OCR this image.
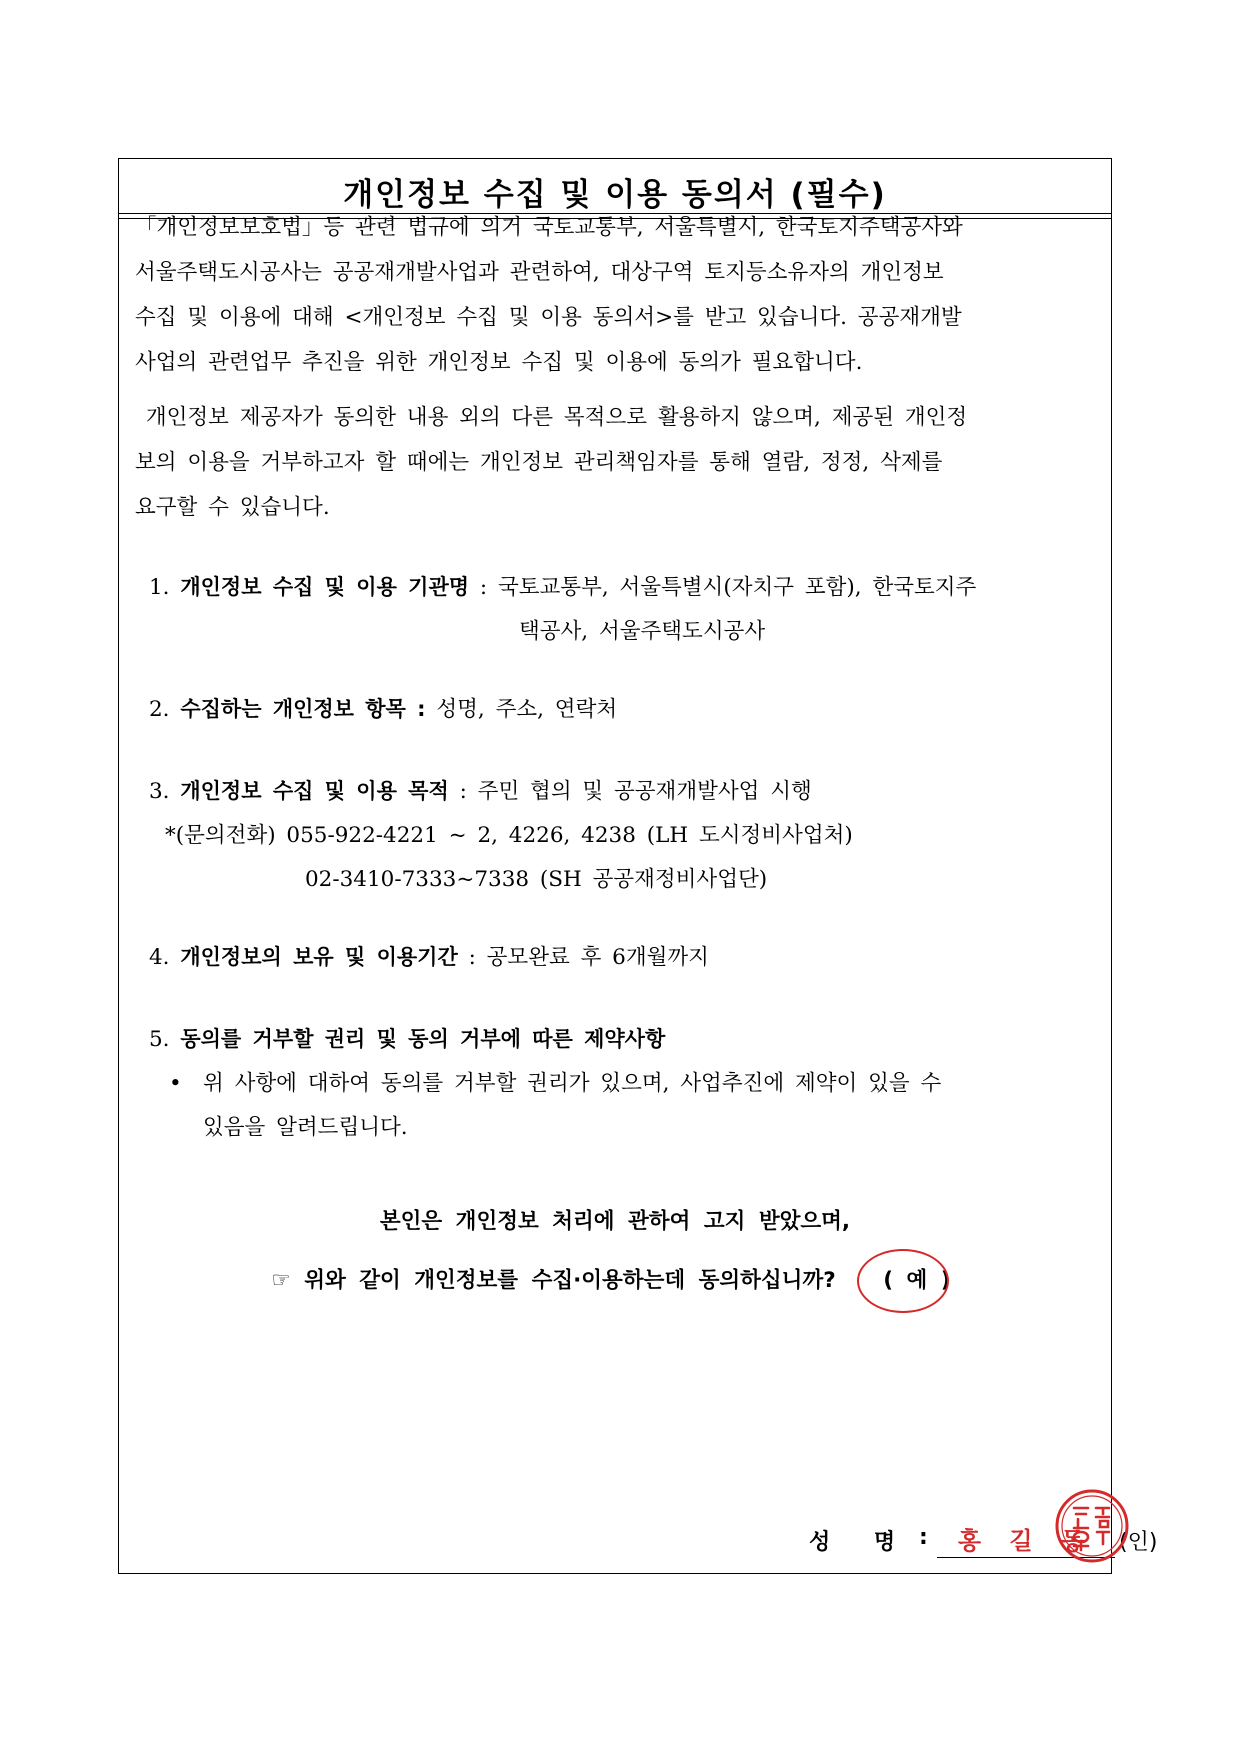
개인정보 수집 및 이용 동의서 (필수)
「개인정보보호법」등 관련 법규에 의거 국토교통부, 서울특별시, 한국토지주택공사와
서울주택도시공사는 공공재개발사업과 관련하여, 대상구역 토지등소유자의 개인정보
수집 및 이용에 대해 <개인정보 수집 및 이용 동의서>를 받고 있습니다. 공공재개발
사업의 관련업무 추진을 위한 개인정보 수집 및 이용에 동의가 필요합니다.
개인정보 제공자가 동의한 내용 외의 다른 목적으로 활용하지 않으며, 제공된 개인정
보의 이용을 거부하고자 할 때에는 개인정보 관리책임자를 통해 열람, 정정, 삭제를
요구할 수 있습니다.
1. 개인정보 수집 및 이용 기관명 : 국토교통부, 서울특별시(자치구 포함), 한국토지주
택공사, 서울주택도시공사
2. 수집하는 개인정보 항목 : 성명, 주소, 연락처
3. 개인정보 수집 및 이용 목적 : 주민 협의 및 공공재개발사업 시행
*(문의전화) 055-922-4221 ~ 2, 4226, 4238 (LH 도시정비사업처)
02-3410-7333~7338 (SH 공공재정비사업단)
4. 개인정보의 보유 및 이용기간 : 공모완료 후 6개월까지
5. 동의를 거부할 권리 및 동의 거부에 따른 제약사항
• 위 사항에 대하여 동의를 거부할 권리가 있으며, 사업추진에 제약이 있을 수
있음을 알려드립니다.
본인은 개인정보 처리에 관하여 고지 받았으며,
☞ 위와 같이 개인정보를 수집·이용하는데 동의하십니까? ( 예 )
성 명 :	홍 길 동	(인)
